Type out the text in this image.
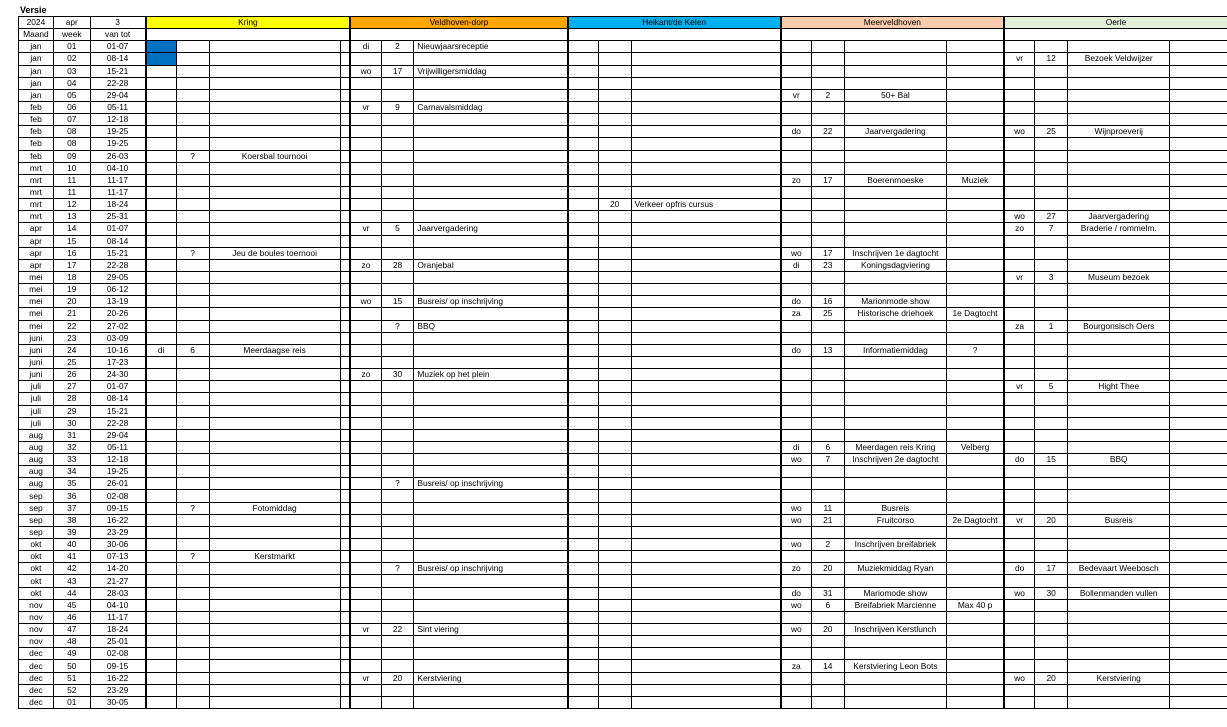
Versie
2024	apr	3	Kring				Veldhoven-dorp			Heikant/de Kelen			Meerveldhoven				Oerle			
Maand	week	van tot																		
jan	01	01-07					di	2	Nieuwjaarsreceptie											
jan	02	08-14															vr	12	Bezoek Veldwijzer	
jan	03	15-21					wo	17	Vrijwilligersmiddag											
jan	04	22-28																		
jan	05	29-04											vr	2	50+ Bal					
feb	06	05-11					vr	9	Carnavalsmiddag											
feb	07	12-18																		
feb	08	19-25											do	22	Jaarvergadering		wo	25	Wijnproeverij	
feb	08	19-25																		
feb	09	26-03		?	Koersbal tournooi															
mrt	10	04-10																		
mrt	11	11-17											zo	17	Boerenmoeske	Muziek				
mrt	11	11-17																		
mrt	12	18-24									20	Verkeer opfris cursus								
mrt	13	25-31															wo	27	Jaarvergadering	
apr	14	01-07					vr	5	Jaarvergadering								zo	7	Braderie / rommelm.	
apr	15	08-14																		
apr	16	15-21		?	Jeu de boules toernooi								wo	17	Inschrijven 1e dagtocht					
apr	17	22-28					zo	28	Oranjebal				di	23	Koningsdagviering					
mei	18	29-05															vr	3	Museum bezoek	
mei	19	06-12																		
mei	20	13-19					wo	15	Busreis/ op inschrijving				do	16	Marionmode show					
mei	21	20-26											za	25	Historische driehoek	1e Dagtocht				
mei	22	27-02						?	BBQ								za	1	Bourgonsisch Oers	
juni	23	03-09																		
juni	24	10-16	di	6	Meerdaagse reis								do	13	Informatiemiddag	?				
juni	25	17-23																		
juni	26	24-30					zo	30	Muziek op het plein											
juli	27	01-07															vr	5	Hight Thee	
juli	28	08-14																		
juli	29	15-21																		
juli	30	22-28																		
aug	31	29-04																		
aug	32	05-11											di	6	Meerdagen reis Kring	Velberg				
aug	33	12-18											wo	7	Inschrijven 2e dagtocht		do	15	BBQ	
aug	34	19-25																		
aug	35	26-01						?	Busreis/ op inschrijving											
sep	36	02-08																		
sep	37	09-15		?	Fotomiddag								wo	11	Busreis					
sep	38	16-22											wo	21	Fruitcorso	2e Dagtocht	vr	20	Busreis	
sep	39	23-29																		
okt	40	30-06											wo	2	Inschrijven breifabriek					
okt	41	07-13		?	Kerstmarkt															
okt	42	14-20						?	Busreis/ op inschrijving				zo	20	Muziekmiddag Ryan		do	17	Bedevaart Weebosch	
okt	43	21-27																		
okt	44	28-03											do	31	Mariomode show		wo	30	Bollenmanden vullen	
nov	45	04-10											wo	6	Breifabriek Marcienne	Max 40 p				
nov	46	11-17																		
nov	47	18-24					vr	22	Sint viering				wo	20	Inschrijven Kerstlunch					
nov	48	25-01																		
dec	49	02-08																		
dec	50	09-15											za	14	Kerstviering Leon Bots					
dec	51	16-22					vr	20	Kerstviering								wo	20	Kerstviering	
dec	52	23-29																		
dec	01	30-05																		
